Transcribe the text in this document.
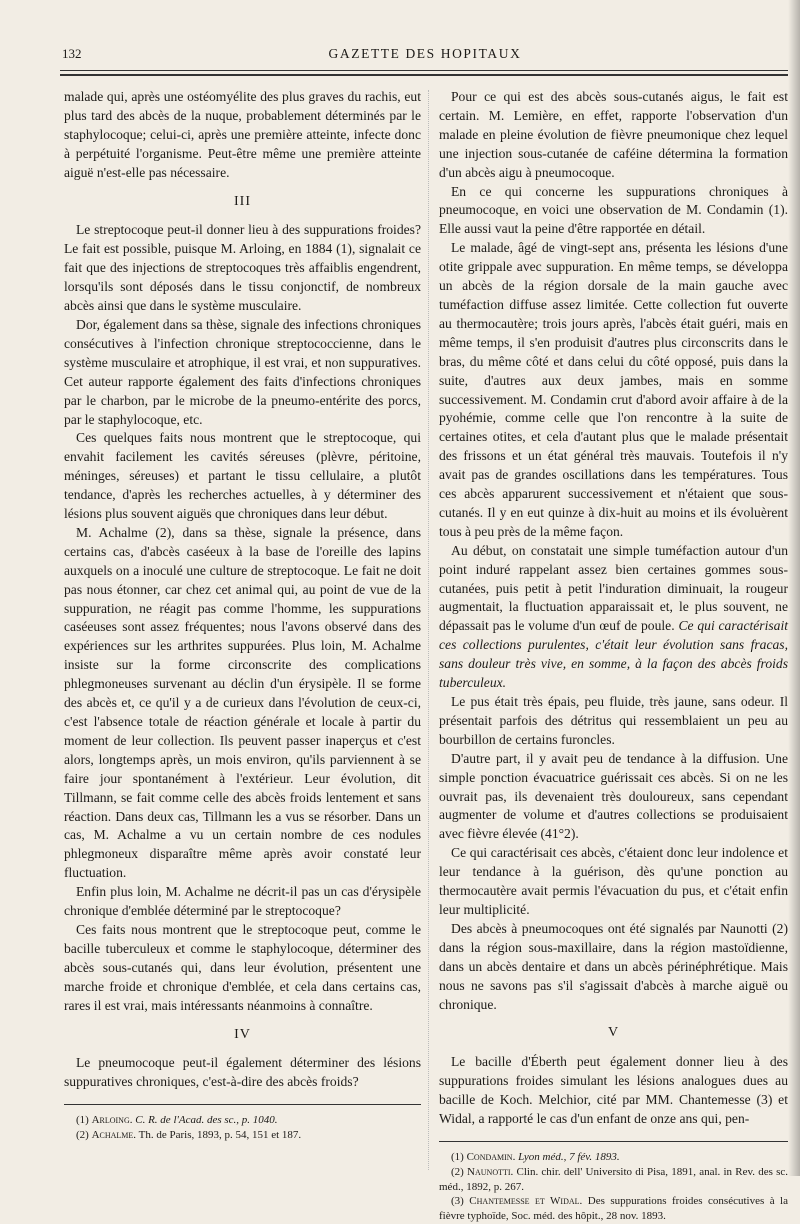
132	GAZETTE DES HOPITAUX

malade qui, après une ostéomyélite des plus graves du rachis, eut plus tard des abcès de la nuque, probablement déterminés par le staphylocoque; celui-ci, après une première atteinte, infecte donc à perpétuité l'organisme. Peut-être même une première atteinte aiguë n'est-elle pas nécessaire.

III

Le streptocoque peut-il donner lieu à des suppurations froides? Le fait est possible, puisque M. Arloing, en 1884 (1), signalait ce fait que des injections de streptocoques très affaiblis engendrent, lorsqu'ils sont déposés dans le tissu conjonctif, de nombreux abcès ainsi que dans le système musculaire.

Dor, également dans sa thèse, signale des infections chroniques consécutives à l'infection chronique streptococcienne, dans le système musculaire et atrophique, il est vrai, et non suppuratives. Cet auteur rapporte également des faits d'infections chroniques par le charbon, par le microbe de la pneumo-entérite des porcs, par le staphylocoque, etc.

Ces quelques faits nous montrent que le streptocoque, qui envahit facilement les cavités séreuses (plèvre, péritoine, méninges, séreuses) et partant le tissu cellulaire, a plutôt tendance, d'après les recherches actuelles, à y déterminer des lésions plus souvent aiguës que chroniques dans leur début.

M. Achalme (2), dans sa thèse, signale la présence, dans certains cas, d'abcès caséeux à la base de l'oreille des lapins auxquels on a inoculé une culture de streptocoque. Le fait ne doit pas nous étonner, car chez cet animal qui, au point de vue de la suppuration, ne réagit pas comme l'homme, les suppurations caséeuses sont assez fréquentes; nous l'avons observé dans des expériences sur les arthrites suppurées. Plus loin, M. Achalme insiste sur la forme circonscrite des complications phlegmoneuses survenant au déclin d'un érysipèle. Il se forme des abcès et, ce qu'il y a de curieux dans l'évolution de ceux-ci, c'est l'absence totale de réaction générale et locale à partir du moment de leur collection. Ils peuvent passer inaperçus et c'est alors, longtemps après, un mois environ, qu'ils parviennent à se faire jour spontanément à l'extérieur. Leur évolution, dit Tillmann, se fait comme celle des abcès froids lentement et sans réaction. Dans deux cas, Tillmann les a vus se résorber. Dans un cas, M. Achalme a vu un certain nombre de ces nodules phlegmoneux disparaître même après avoir constaté leur fluctuation.

Enfin plus loin, M. Achalme ne décrit-il pas un cas d'érysipèle chronique d'emblée déterminé par le streptocoque?

Ces faits nous montrent que le streptocoque peut, comme le bacille tuberculeux et comme le staphylocoque, déterminer des abcès sous-cutanés qui, dans leur évolution, présentent une marche froide et chronique d'emblée, et cela dans certains cas, rares il est vrai, mais intéressants néanmoins à connaître.

IV

Le pneumocoque peut-il également déterminer des lésions suppuratives chroniques, c'est-à-dire des abcès froids?

(1) Arloing. C. R. de l'Acad. des sc., p. 1040.

(2) Achalme. Th. de Paris, 1893, p. 54, 151 et 187.

Pour ce qui est des abcès sous-cutanés aigus, le fait est certain. M. Lemière, en effet, rapporte l'observation d'un malade en pleine évolution de fièvre pneumonique chez lequel une injection sous-cutanée de caféine détermina la formation d'un abcès aigu à pneumocoque.

En ce qui concerne les suppurations chroniques à pneumocoque, en voici une observation de M. Condamin (1). Elle aussi vaut la peine d'être rapportée en détail.

Le malade, âgé de vingt-sept ans, présenta les lésions d'une otite grippale avec suppuration. En même temps, se développa un abcès de la région dorsale de la main gauche avec tuméfaction diffuse assez limitée. Cette collection fut ouverte au thermocautère; trois jours après, l'abcès était guéri, mais en même temps, il s'en produisit d'autres plus circonscrits dans le bras, du même côté et dans celui du côté opposé, puis dans la suite, d'autres aux deux jambes, mais en somme successivement. M. Condamin crut d'abord avoir affaire à de la pyohémie, comme celle que l'on rencontre à la suite de certaines otites, et cela d'autant plus que le malade présentait des frissons et un état général très mauvais. Toutefois il n'y avait pas de grandes oscillations dans les températures. Tous ces abcès apparurent successivement et n'étaient que sous-cutanés. Il y en eut quinze à dix-huit au moins et ils évoluèrent tous à peu près de la même façon.

Au début, on constatait une simple tuméfaction autour d'un point induré rappelant assez bien certaines gommes sous-cutanées, puis petit à petit l'induration diminuait, la rougeur augmentait, la fluctuation apparaissait et, le plus souvent, ne dépassait pas le volume d'un œuf de poule. Ce qui caractérisait ces collections purulentes, c'était leur évolution sans fracas, sans douleur très vive, en somme, à la façon des abcès froids tuberculeux.

Le pus était très épais, peu fluide, très jaune, sans odeur. Il présentait parfois des détritus qui ressemblaient un peu au bourbillon de certains furoncles.

D'autre part, il y avait peu de tendance à la diffusion. Une simple ponction évacuatrice guérissait ces abcès. Si on ne les ouvrait pas, ils devenaient très douloureux, sans cependant augmenter de volume et d'autres collections se produisaient avec fièvre élevée (41°2).

Ce qui caractérisait ces abcès, c'étaient donc leur indolence et leur tendance à la guérison, dès qu'une ponction au thermocautère avait permis l'évacuation du pus, et c'était enfin leur multiplicité.

Des abcès à pneumocoques ont été signalés par Naunotti (2) dans la région sous-maxillaire, dans la région mastoïdienne, dans un abcès dentaire et dans un abcès périnéphrétique. Mais nous ne savons pas s'il s'agissait d'abcès à marche aiguë ou chronique.

V

Le bacille d'Éberth peut également donner lieu à des suppurations froides simulant les lésions analogues dues au bacille de Koch. Melchior, cité par MM. Chantemesse (3) et Widal, a rapporté le cas d'un enfant de onze ans qui, pen-

(1) Condamin. Lyon méd., 7 fév. 1893.

(2) Naunotti. Clin. chir. dell' Universito di Pisa, 1891, anal. in Rev. des sc. méd., 1892, p. 267.

(3) Chantemesse et Widal. Des suppurations froides consécutives à la fièvre typhoïde, Soc. méd. des hôpit., 28 nov. 1893.
